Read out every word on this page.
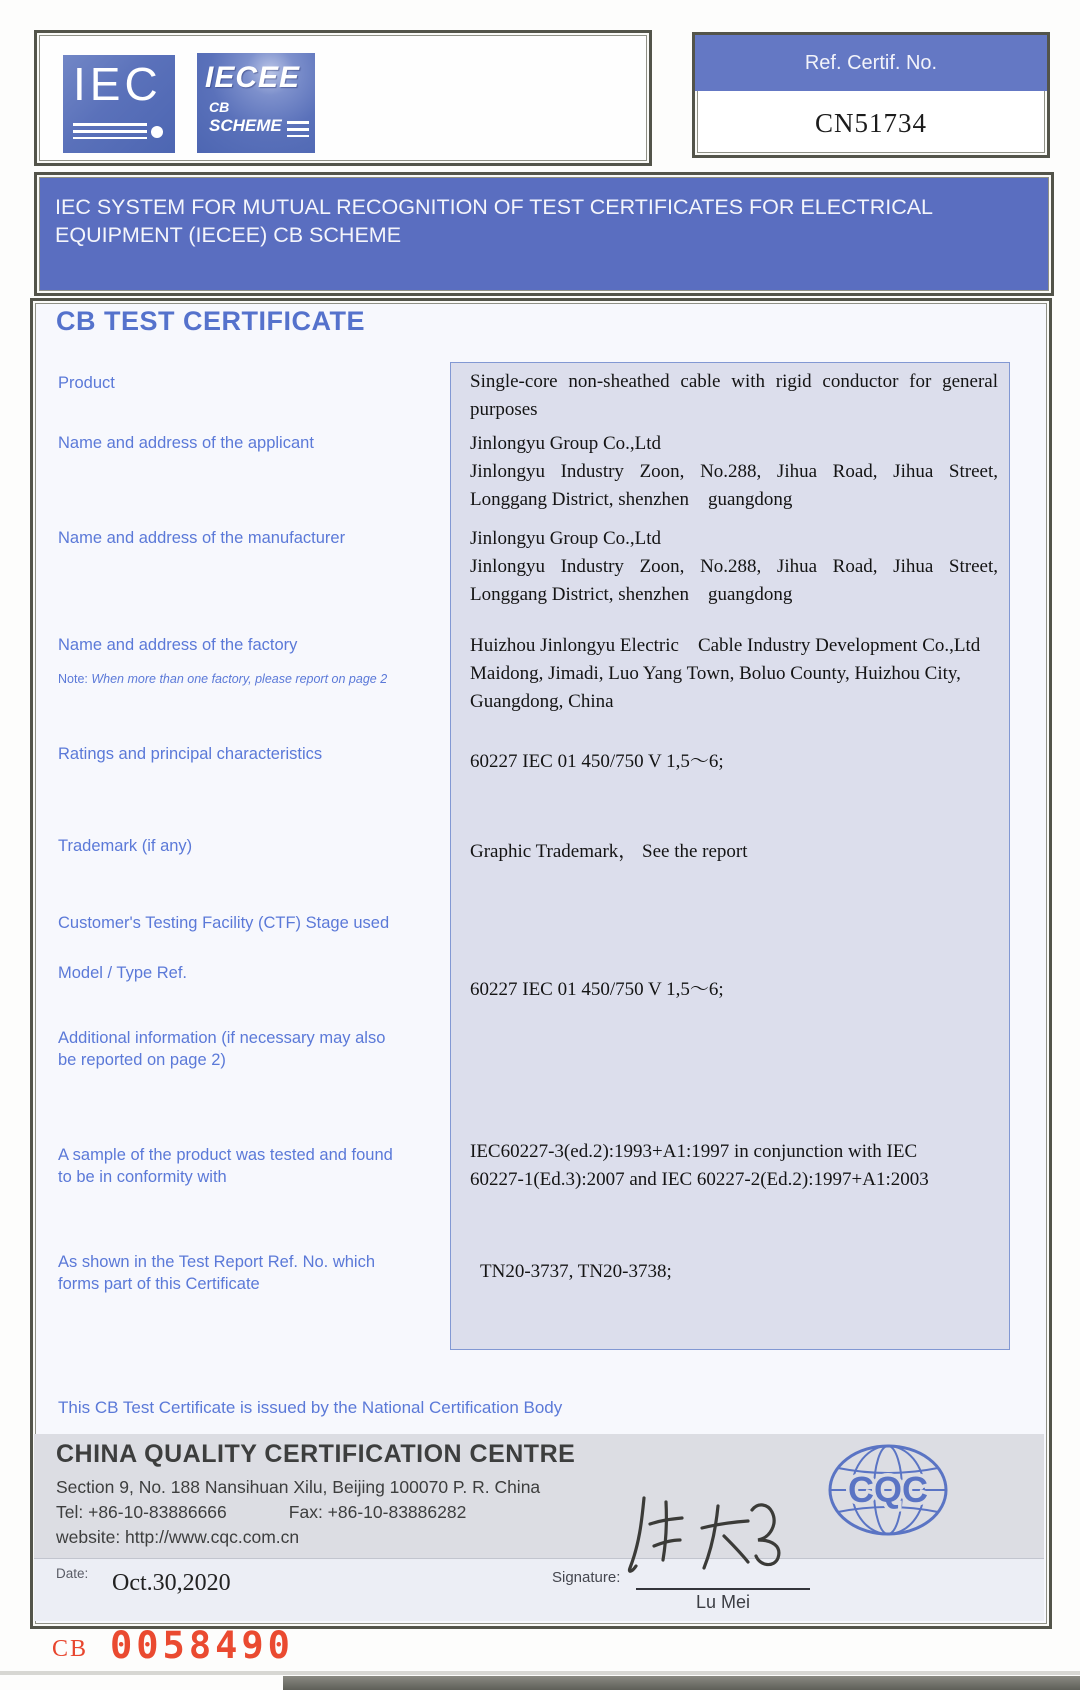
IEC IECEE
CB
SCHEME
Ref. Certif. No.
CN51734
IEC SYSTEM FOR MUTUAL RECOGNITION OF TEST CERTIFICATES FOR ELECTRICAL EQUIPMENT (IECEE) CB SCHEME
CB TEST CERTIFICATE
Product
Name and address of the applicant
Name and address of the manufacturer
Name and address of the factory
Note: When more than one factory, please report on page 2
Ratings and principal characteristics
Trademark (if any)
Customer's Testing Facility (CTF) Stage used
Model / Type Ref.
Additional information (if necessary may also be reported on page 2)
A sample of the product was tested and found to be in conformity with
As shown in the Test Report Ref. No. which forms part of this Certificate
Single-core non-sheathed cable with rigid conductor for general purposes
Jinlongyu Group Co.,Ltd
Jinlongyu Industry Zoon, No.288, Jihua Road, Jihua Street, Longgang District, shenzhen  guangdong
Jinlongyu Group Co.,Ltd
Jinlongyu Industry Zoon, No.288, Jihua Road, Jihua Street, Longgang District, shenzhen  guangdong
Huizhou Jinlongyu Electric  Cable Industry Development Co.,Ltd
Maidong, Jimadi, Luo Yang Town, Boluo County, Huizhou City, Guangdong, China
60227 IEC 01 450/750 V 1,5～6;
Graphic Trademark， See the report
60227 IEC 01 450/750 V 1,5～6;
IEC60227-3(ed.2):1993+A1:1997 in conjunction with IEC
60227-1(Ed.3):2007 and IEC 60227-2(Ed.2):1997+A1:2003
TN20-3737, TN20-3738;
This CB Test Certificate is issued by the National Certification Body
CHINA QUALITY CERTIFICATION CENTRE
Section 9, No. 188 Nansihuan Xilu, Beijing 100070 P. R. China
Tel: +86-10-83886666	Fax: +86-10-83886282
website: http://www.cqc.com.cn
CQC
Date: Oct.30,2020	Signature:
Lu Mei
CB 0058490
